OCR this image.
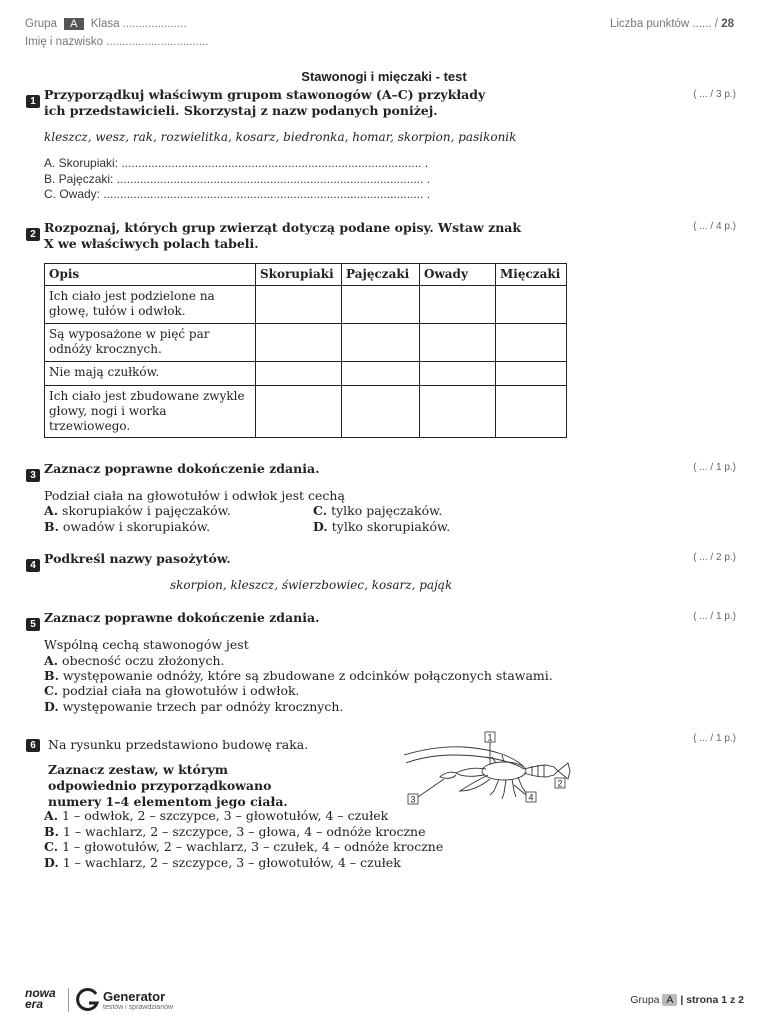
Grupa A Klasa ....................
Imię i nazwisko ................................
Liczba punktów ...... / 28
Stawonogi i mięczaki - test
1 Przyporządkuj właściwym grupom stawonogów (A–C) przykłady ich przedstawicieli. Skorzystaj z nazw podanych poniżej.
( ... / 3 p.)
kleszcz, wesz, rak, rozwielitka, kosarz, biedronka, homar, skorpion, pasikonik
A. Skorupiaki: .......................................................................................... .
B. Pajęczaki: ............................................................................................ .
C. Owady: ................................................................................................ .
2 Rozpoznaj, których grup zwierząt dotyczą podane opisy. Wstaw znak X we właściwych polach tabeli.
( ... / 4 p.)
Opis	Skorupiaki	Pajęczaki	Owady	Mięczaki
Ich ciało jest podzielone na głowę, tułów i odwłok.				
Są wyposażone w pięć par odnóży krocznych.				
Nie mają czułków.				
Ich ciało jest zbudowane zwykle głowy, nogi i worka trzewiowego.				
3 Zaznacz poprawne dokończenie zdania.	( ... / 1 p.)
Podział ciała na głowotułów i odwłok jest cechą
A. skorupiaków i pajęczaków.
B. owadów i skorupiaków.
C. tylko pajęczaków.
D. tylko skorupiaków.
4 Podkreśl nazwy pasożytów.	( ... / 2 p.)
skorpion, kleszcz, świerzbowiec, kosarz, pająk
5 Zaznacz poprawne dokończenie zdania.	( ... / 1 p.)
Wspólną cechą stawonogów jest
A. obecność oczu złożonych.
B. występowanie odnóży, które są zbudowane z odcinków połączonych stawami.
C. podział ciała na głowotułów i odwłok.
D. występowanie trzech par odnóży krocznych.
6 Na rysunku przedstawiono budowę raka.
Zaznacz zestaw, w którym odpowiednio przyporządkowano numery 1–4 elementom jego ciała.
( ... / 1 p.)
1
2
3	4
A. 1 – odwłok, 2 – szczypce, 3 – głowotułów, 4 – czułek
B. 1 – wachlarz, 2 – szczypce, 3 – głowa, 4 – odnóże kroczne
C. 1 – głowotułów, 2 – wachlarz, 3 – czułek, 4 – odnóże kroczne
D. 1 – wachlarz, 2 – szczypce, 3 – głowotułów, 4 – czułek
nowa
era	Generator
testów i sprawdzianów
Grupa A | strona 1 z 2
